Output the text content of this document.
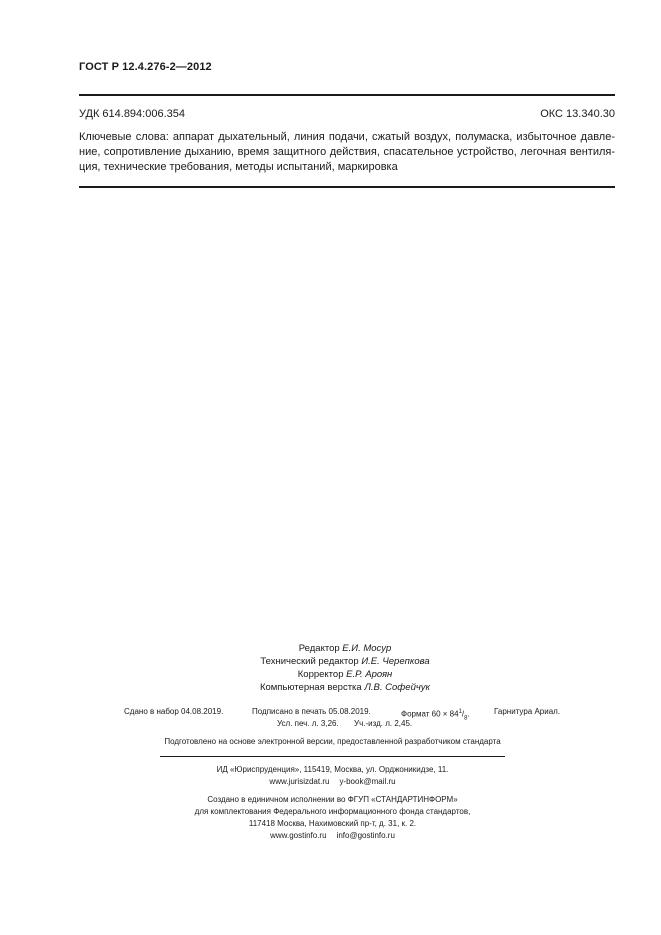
ГОСТ Р 12.4.276-2—2012
УДК 614.894:006.354	ОКС 13.340.30
Ключевые слова: аппарат дыхательный, линия подачи, сжатый воздух, полумаска, избыточное давле-
ние, сопротивление дыханию, время защитного действия, спасательное устройство, легочная вентиля-
ция, технические требования, методы испытаний, маркировка
Редактор Е.И. Мосур
Технический редактор И.Е. Черепкова
Корректор Е.Р. Ароян
Компьютерная верстка Л.В. Софейчук
Сдано в набор 04.08.2019.	Подписано в печать 05.08.2019.	Формат $60 \times 84^1/_8$.	Гарнитура Ариал.
Усл. печ. л. 3,26. Уч.-изд. л. 2,45.
Подготовлено на основе электронной версии, предоставленной разработчиком стандарта
ИД «Юриспруденция», 115419, Москва, ул. Орджоникидзе, 11.
www.jurisizdat.ru y-book@mail.ru
Создано в единичном исполнении во ФГУП «СТАНДАРТИНФОРМ»
для комплектования Федерального информационного фонда стандартов,
117418 Москва, Нахимовский пр-т, д. 31, к. 2.
www.gostinfo.ru info@gostinfo.ru
